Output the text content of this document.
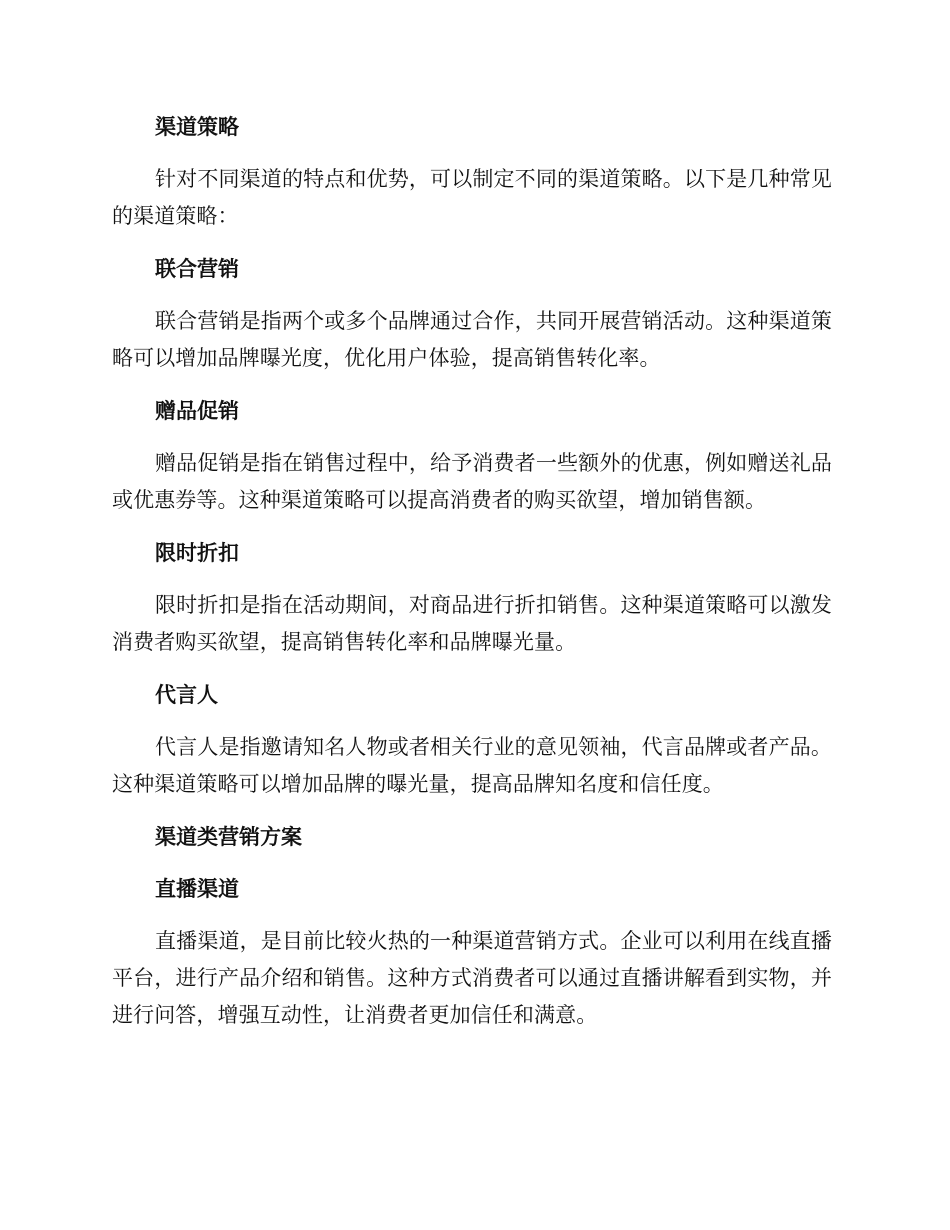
渠道策略
针对不同渠道的特点和优势，可以制定不同的渠道策略。以下是几种常见的渠道策略：
联合营销
联合营销是指两个或多个品牌通过合作，共同开展营销活动。这种渠道策略可以增加品牌曝光度，优化用户体验，提高销售转化率。
赠品促销
赠品促销是指在销售过程中，给予消费者一些额外的优惠，例如赠送礼品或优惠券等。这种渠道策略可以提高消费者的购买欲望，增加销售额。
限时折扣
限时折扣是指在活动期间，对商品进行折扣销售。这种渠道策略可以激发消费者购买欲望，提高销售转化率和品牌曝光量。
代言人
代言人是指邀请知名人物或者相关行业的意见领袖，代言品牌或者产品。这种渠道策略可以增加品牌的曝光量，提高品牌知名度和信任度。
渠道类营销方案
直播渠道
直播渠道，是目前比较火热的一种渠道营销方式。企业可以利用在线直播平台，进行产品介绍和销售。这种方式消费者可以通过直播讲解看到实物，并进行问答，增强互动性，让消费者更加信任和满意。
